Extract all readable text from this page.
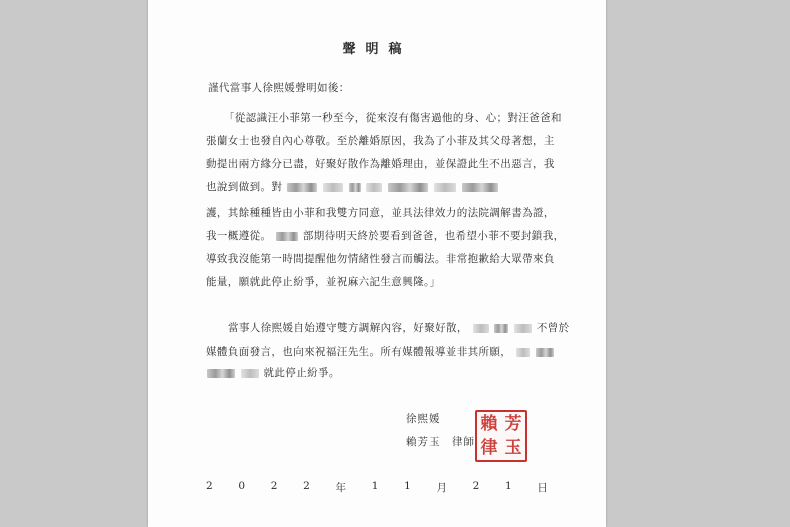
聲明稿
謹代當事人徐熙媛聲明如後：
「從認識汪小菲第一秒至今，從來沒有傷害過他的身、心；對汪爸爸和
張蘭女士也發自內心尊敬。至於離婚原因，我為了小菲及其父母著想，主
動提出兩方緣分已盡，好聚好散作為離婚理由，並保證此生不出惡言，我
也說到做到。對
護，其餘種種皆由小菲和我雙方同意，並具法律效力的法院調解書為證，
我一概遵從。	部期待明天終於要看到爸爸，也希望小菲不要封鎖我，
導致我沒能第一時間提醒他勿情緒性發言而觸法。非常抱歉給大眾帶來負
能量，願就此停止紛爭，並祝麻六記生意興隆。」
當事人徐熙媛自始遵守雙方調解內容，好聚好散，	不曾於
媒體負面發言，也向來祝福汪先生。所有媒體報導並非其所願，
就此停止紛爭。
徐熙媛
賴芳玉　律師
賴 芳
律 玉
2 0 2 2 年 1 1 月 2 1 日
